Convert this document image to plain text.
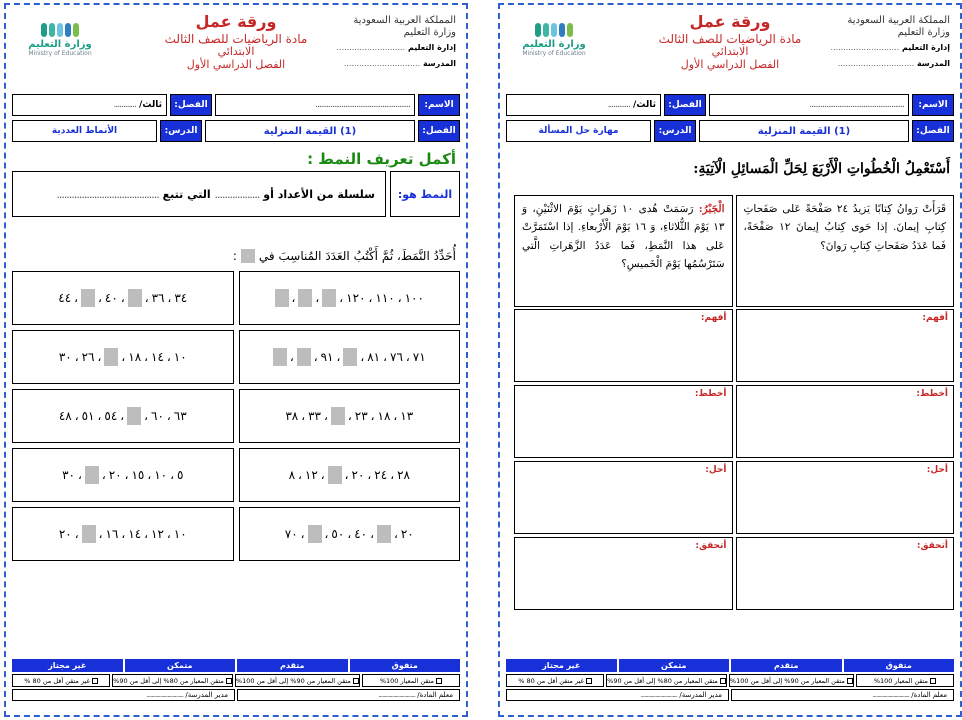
المملكة العربية السعودية
وزارة التعليم
إدارة التعليم ...........................
المدرسة ..............................
ورقة عمل
مادة الرياضيات للصف الثالث
الابتدائي
الفصل الدراسي الأول
وزارة التعليم
Ministry of Education
الاسم:
...................................................
الفصل:
ثالث/

............
الفصل:
(1) القيمة المنزلية
الدرس:
الأنماط العددية
أكمل تعريف النمط :
النمط هو:
سلسلة من الأعداد أو

..................

التي تتبع

.........................................
أُحَدِّدُ النَّمَطَ، ثُمَّ أَكْتُبُ العَدَدَ المُناسِبَ في
:
١٠٠
،
١١٠
،
١٢٠
،
،
،
٣٤
،
٣٦
،
،
٤٠
،
،
٤٤
٧١
،
٧٦
،
٨١
،
،
٩١
،
،
١٠
،
١٤
،
١٨
،
،
٢٦
،
٣٠
١٣
،
١٨
،
٢٣
،
،
٣٣
،
٣٨
٦٣
،
٦٠
،
،
٥٤
،
٥١
،
٤٨
٢٨
،
٢٤
،
٢٠
،
،
١٢
،
٨
٥
،
١٠
،
١٥
،
٢٠
،
،
٣٠
٢٠
،
،
٤٠
،
٥٠
،
،
٧٠
١٠
،
١٢
،
١٤
،
١٦
،
،
٢٠
متفوق
متقدم
متمكن
غير مجتاز
متقن المعيار 100%
متقن المعيار من 90% إلى أقل من 100%
متقن المعيار من 80% إلى أقل من 90%
غير متقن أقل من 80 %
معلم المادة/

..............................
مدير المدرسة/

..............................
المملكة العربية السعودية
وزارة التعليم
إدارة التعليم ...........................
المدرسة ..............................
ورقة عمل
مادة الرياضيات للصف الثالث
الابتدائي
الفصل الدراسي الأول
وزارة التعليم
Ministry of Education
الاسم:
...................................................
الفصل:
ثالث/

............
الفصل:
(1) القيمة المنزلية
الدرس:
مهارة حل المسألة
أَسْتَعْمِلُ الْخُطُواتِ الْأَرْبَعَ لِحَلِّ الْمَسائِلِ الْآتِيَةِ:
قَرَأَتْ رَوانُ كِتابًا يَزيدُ ٢٤ صَفْحَةً عَلى صَفَحاتِ كِتابِ إيمانَ. إذا حَوى كِتابُ إيمانَ ١٢ صَفْحَةً، فَما عَدَدُ صَفَحاتِ كِتابِ رَوانَ؟
الْجَبْرُ: رَسَمَتْ هُدى ١٠ زَهَراتٍ يَوْمَ الاثْنَيْنِ، وَ ١٣ يَوْمَ الثُّلاثاءِ، وَ ١٦ يَوْمَ الْأَرْبعاءِ. إذا اسْتَمَرَّتْ عَلى هذا النَّمَطِ، فَما عَدَدُ الزَّهَراتِ الَّتي سَتَرْسُمُها يَوْمَ الْخَميسِ؟
أفهم:
أفهم:
أخطط:
أخطط:
أحل:
أحل:
أتحقق:
أتحقق:
متفوق
متقدم
متمكن
غير مجتاز
متقن المعيار 100%
متقن المعيار من 90% إلى أقل من 100%
متقن المعيار من 80% إلى أقل من 90%
غير متقن أقل من 80 %
معلم المادة/

..............................
مدير المدرسة/

..............................
